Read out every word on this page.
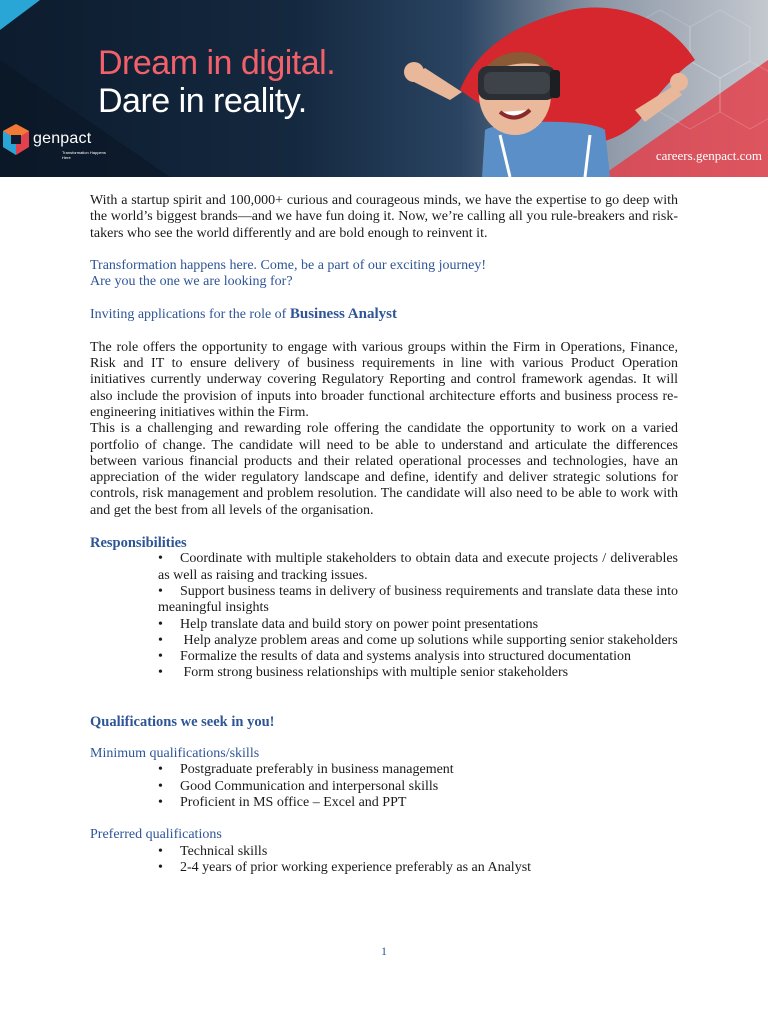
Dream in digital.
Dare in reality.
genpact
Transformation Happens Here	careers.genpact.com

With a startup spirit and 100,000+ curious and courageous minds, we have the expertise to go deep with the world’s biggest brands—and we have fun doing it. Now, we’re calling all you rule-breakers and risk-takers who see the world differently and are bold enough to reinvent it.

Transformation happens here. Come, be a part of our exciting journey!

Are you the one we are looking for?

Inviting applications for the role of Business Analyst

The role offers the opportunity to engage with various groups within the Firm in Operations, Finance, Risk and IT to ensure delivery of business requirements in line with various Product Operation initiatives currently underway covering Regulatory Reporting and control framework agendas. It will also include the provision of inputs into broader functional architecture efforts and business process re-engineering initiatives within the Firm.

This is a challenging and rewarding role offering the candidate the opportunity to work on a varied portfolio of change. The candidate will need to be able to understand and articulate the differences between various financial products and their related operational processes and technologies, have an appreciation of the wider regulatory landscape and define, identify and deliver strategic solutions for controls, risk management and problem resolution. The candidate will also need to be able to work with and get the best from all levels of the organisation.

Responsibilities

• Coordinate with multiple stakeholders to obtain data and execute projects / deliverables as well as raising and tracking issues.
• Support business teams in delivery of business requirements and translate data these into meaningful insights
• Help translate data and build story on power point presentations
• Help analyze problem areas and come up solutions while supporting senior stakeholders
• Formalize the results of data and systems analysis into structured documentation
• Form strong business relationships with multiple senior stakeholders

Qualifications we seek in you!

Minimum qualifications/skills

•	Postgraduate preferably in business management
•	Good Communication and interpersonal skills
•	Proficient in MS office – Excel and PPT

Preferred qualifications

•	Technical skills
•	2-4 years of prior working experience preferably as an Analyst
1
